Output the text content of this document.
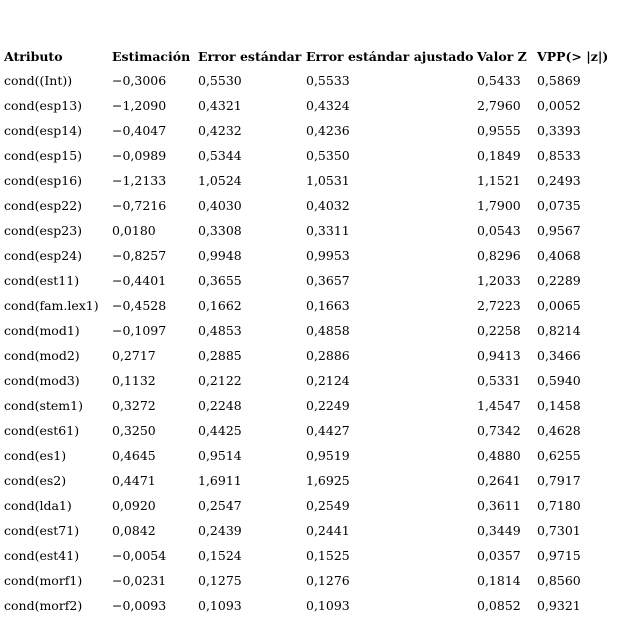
Atributo	Estimación	Error estándar	Error estándar ajustado	Valor Z	VPP(> |z|)
cond((Int))	−0,3006	0,5530	0,5533	0,5433	0,5869
cond(esp13)	−1,2090	0,4321	0,4324	2,7960	0,0052
cond(esp14)	−0,4047	0,4232	0,4236	0,9555	0,3393
cond(esp15)	−0,0989	0,5344	0,5350	0,1849	0,8533
cond(esp16)	−1,2133	1,0524	1,0531	1,1521	0,2493
cond(esp22)	−0,7216	0,4030	0,4032	1,7900	0,0735
cond(esp23)	0,0180	0,3308	0,3311	0,0543	0,9567
cond(esp24)	−0,8257	0,9948	0,9953	0,8296	0,4068
cond(est11)	−0,4401	0,3655	0,3657	1,2033	0,2289
cond(fam.lex1)	−0,4528	0,1662	0,1663	2,7223	0,0065
cond(mod1)	−0,1097	0,4853	0,4858	0,2258	0,8214
cond(mod2)	0,2717	0,2885	0,2886	0,9413	0,3466
cond(mod3)	0,1132	0,2122	0,2124	0,5331	0,5940
cond(stem1)	0,3272	0,2248	0,2249	1,4547	0,1458
cond(est61)	0,3250	0,4425	0,4427	0,7342	0,4628
cond(es1)	0,4645	0,9514	0,9519	0,4880	0,6255
cond(es2)	0,4471	1,6911	1,6925	0,2641	0,7917
cond(lda1)	0,0920	0,2547	0,2549	0,3611	0,7180
cond(est71)	0,0842	0,2439	0,2441	0,3449	0,7301
cond(est41)	−0,0054	0,1524	0,1525	0,0357	0,9715
cond(morf1)	−0,0231	0,1275	0,1276	0,1814	0,8560
cond(morf2)	−0,0093	0,1093	0,1093	0,0852	0,9321
